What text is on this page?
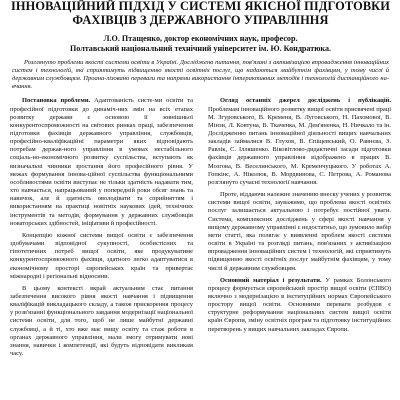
ІННОВАЦІЙНИЙ ПІДХІД У СИСТЕМІ ЯКІСНОЇ ПІДГОТОВКИ
ФАХІВЦІВ З ДЕРЖАВНОГО УПРАВЛІННЯ
Л.О. Птащенко, доктор економічних наук, професор.
Полтавський національний технічний університет ім. Ю. Кондратюка.
Розглянуто проблеми якості системи освіти в Україні. Досліджено питання, пов'язані з активізацією впровадження інноваційних систем і технологій, які сприятимуть підвищенню якості освітніх послуг, що надаються майбутнім фахівцям, у тому числі й державним службовцям. Проана-лізовано переваги та напрями використання інтерактивних методів і технологій дистанційного на-вчання.

Постановка проблеми. Адаптованість систе-ми освіти та професійної підготовки до динаміч-них змін на всіх етапах розвитку держави є основою її зовнішньої конкурентоспроможності на світових ринках праці, забезпечення підготовки фахівців державного управління, службовців, професійно-кваліфікаційні параметри яких відповідають потребам держав-ного управління в умовах нестабільного соціаль-но-економічного розвитку суспільства, вступають як визначальні чинники зростання його професійного рівня. У межах формування іннова-ційної суспільства функціональними особливостями освіти виступає не тільки здатність надавати тим, хто навчається, напрацьований у попередній роки обсяг знань та навичок, але й здатність оволодівати та сприйняттям і використанням на практиці новітніх наукових ідей, технічних інструментів та методів, формування у державних службовців новаторських здібностей, ініціативи й професійності.

Концепцію кожної системи вищої освіти є забезпечення здобувачами відповідної сукупності, особистісних та гіпотетичних потреб вищої освіти, яке продукуватиме конкурентоспроможного фахівця, здатного легко адаптуватися в економічному просторі європейських країн та привертає міжнародні і регіональні відносини.

В цьому контексті вкрай актуальним стає питання забезпечення високого рівня якості навчання і підвищення кваліфікацій викладацького складу, а також прискорення процесу у розв'язанні функціонального завдання модернізації національної системи освіти, для того, щоб не лише майбутні державні службовці, а й ті, хто вже має вищу освіту та стаж роботи в органах державного управління, мали змогу отримувати нові знання, навички і компетенції, які будуть відповідати викликам часу.

Огляд останніх джерел досліджень і публікацій. Проблемам інноваційного розвитку вищої освіти присвячені праці М. Згуровського, В. Кременя, В. Луговського, Н. Пахомової, В. Мінзи, Л. Ковтуна, В. Ткаченка, М. Дем'яненка, Н. Ничкало та ін. Дослідженню питань інноваційної діяльності вищих навчальних закладів займалися В. Глухов, В. Єпіщевський, О. Равнєва, З. Равлік, С. Ілляшенко. Віковітлово-дидактичні засади підготовки фахівців державного управління відображено в працях В. Мозгова, В. Веселинського, М. Кременчуцького. У роботах А. Гопкінс, А. Ніколюк, В. Мордвинова, С. Петрова, А. Романова розглянуто сучасні технології навчання.

Проте, віддаючи належне значенню внеску учених у розвиток системи вищої освіти, зауважимо, що проблема якості освітніх послуг залишається актуальною і потребує постійної уваги. Система, комплексних досліджень у сфері якості навчання у вищому державному управлінні є недостатньо, що зумовило вибір мети статті, яка полягає у виявленні проблем якості системи освіти в Україні та розгляді питань, пов'язаних з активізацією впровадження інноваційних систем і технологій, які сприятимуть підвищенню якості освітніх послуг майбутнім фахівцям, у тому числі й державним службовцям.

Основний матеріал і результати. У рамках Болонського процесу формується європейський простір вищої освіти (ЄПВО) включно з модернізацією в інституційних нормах Європейського простору вищої освіти. Основними переваги розбудов є структурне реформування національних систем вищої освіти країн Європи, зміну освітніх програм та підготовку інституційних перетворень у вищих навчальних закладах Європи.
